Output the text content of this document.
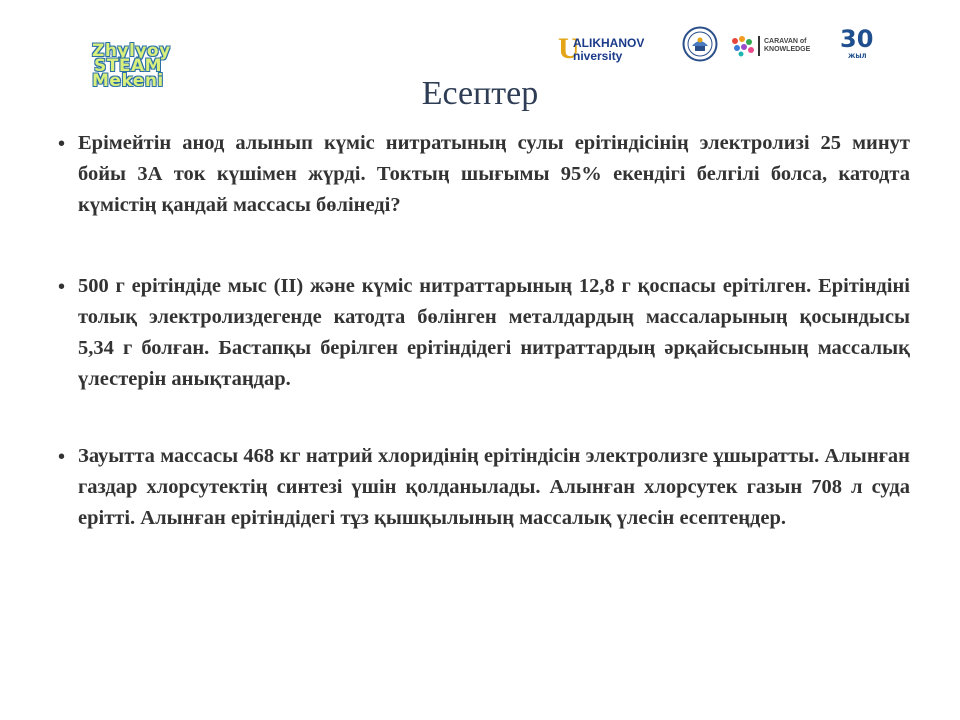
Zhylyoy
STEAM
Mekeni
U
ALIKHANOV
niversity
CARAVAN of
KNOWLEDGE 30
ЖЫЛ
Есептер
• Ерімейтін анод алынып күміс нитратының сулы ерітіндісінің электролизі 25 минут бойы 3А ток күшімен жүрді. Токтың шығымы 95% екендігі белгілі болса, катодта күмістің қандай массасы бөлінеді?
• 500 г ерітіндіде мыс (II) және күміс нитраттарының 12,8 г қоспасы ерітілген. Ерітіндіні толық электролиздегенде катодта бөлінген металдардың массаларының қосындысы 5,34 г болған. Бастапқы берілген ерітіндідегі нитраттардың әрқайсысының массалық үлестерін анықтаңдар.
• Зауытта массасы 468 кг натрий хлоридінің ерітіндісін электролизге ұшыратты. Алынған газдар хлорсутектің синтезі үшін қолданылады. Алынған хлорсутек газын 708 л суда ерітті. Алынған ерітіндідегі тұз қышқылының массалық үлесін есептеңдер.
